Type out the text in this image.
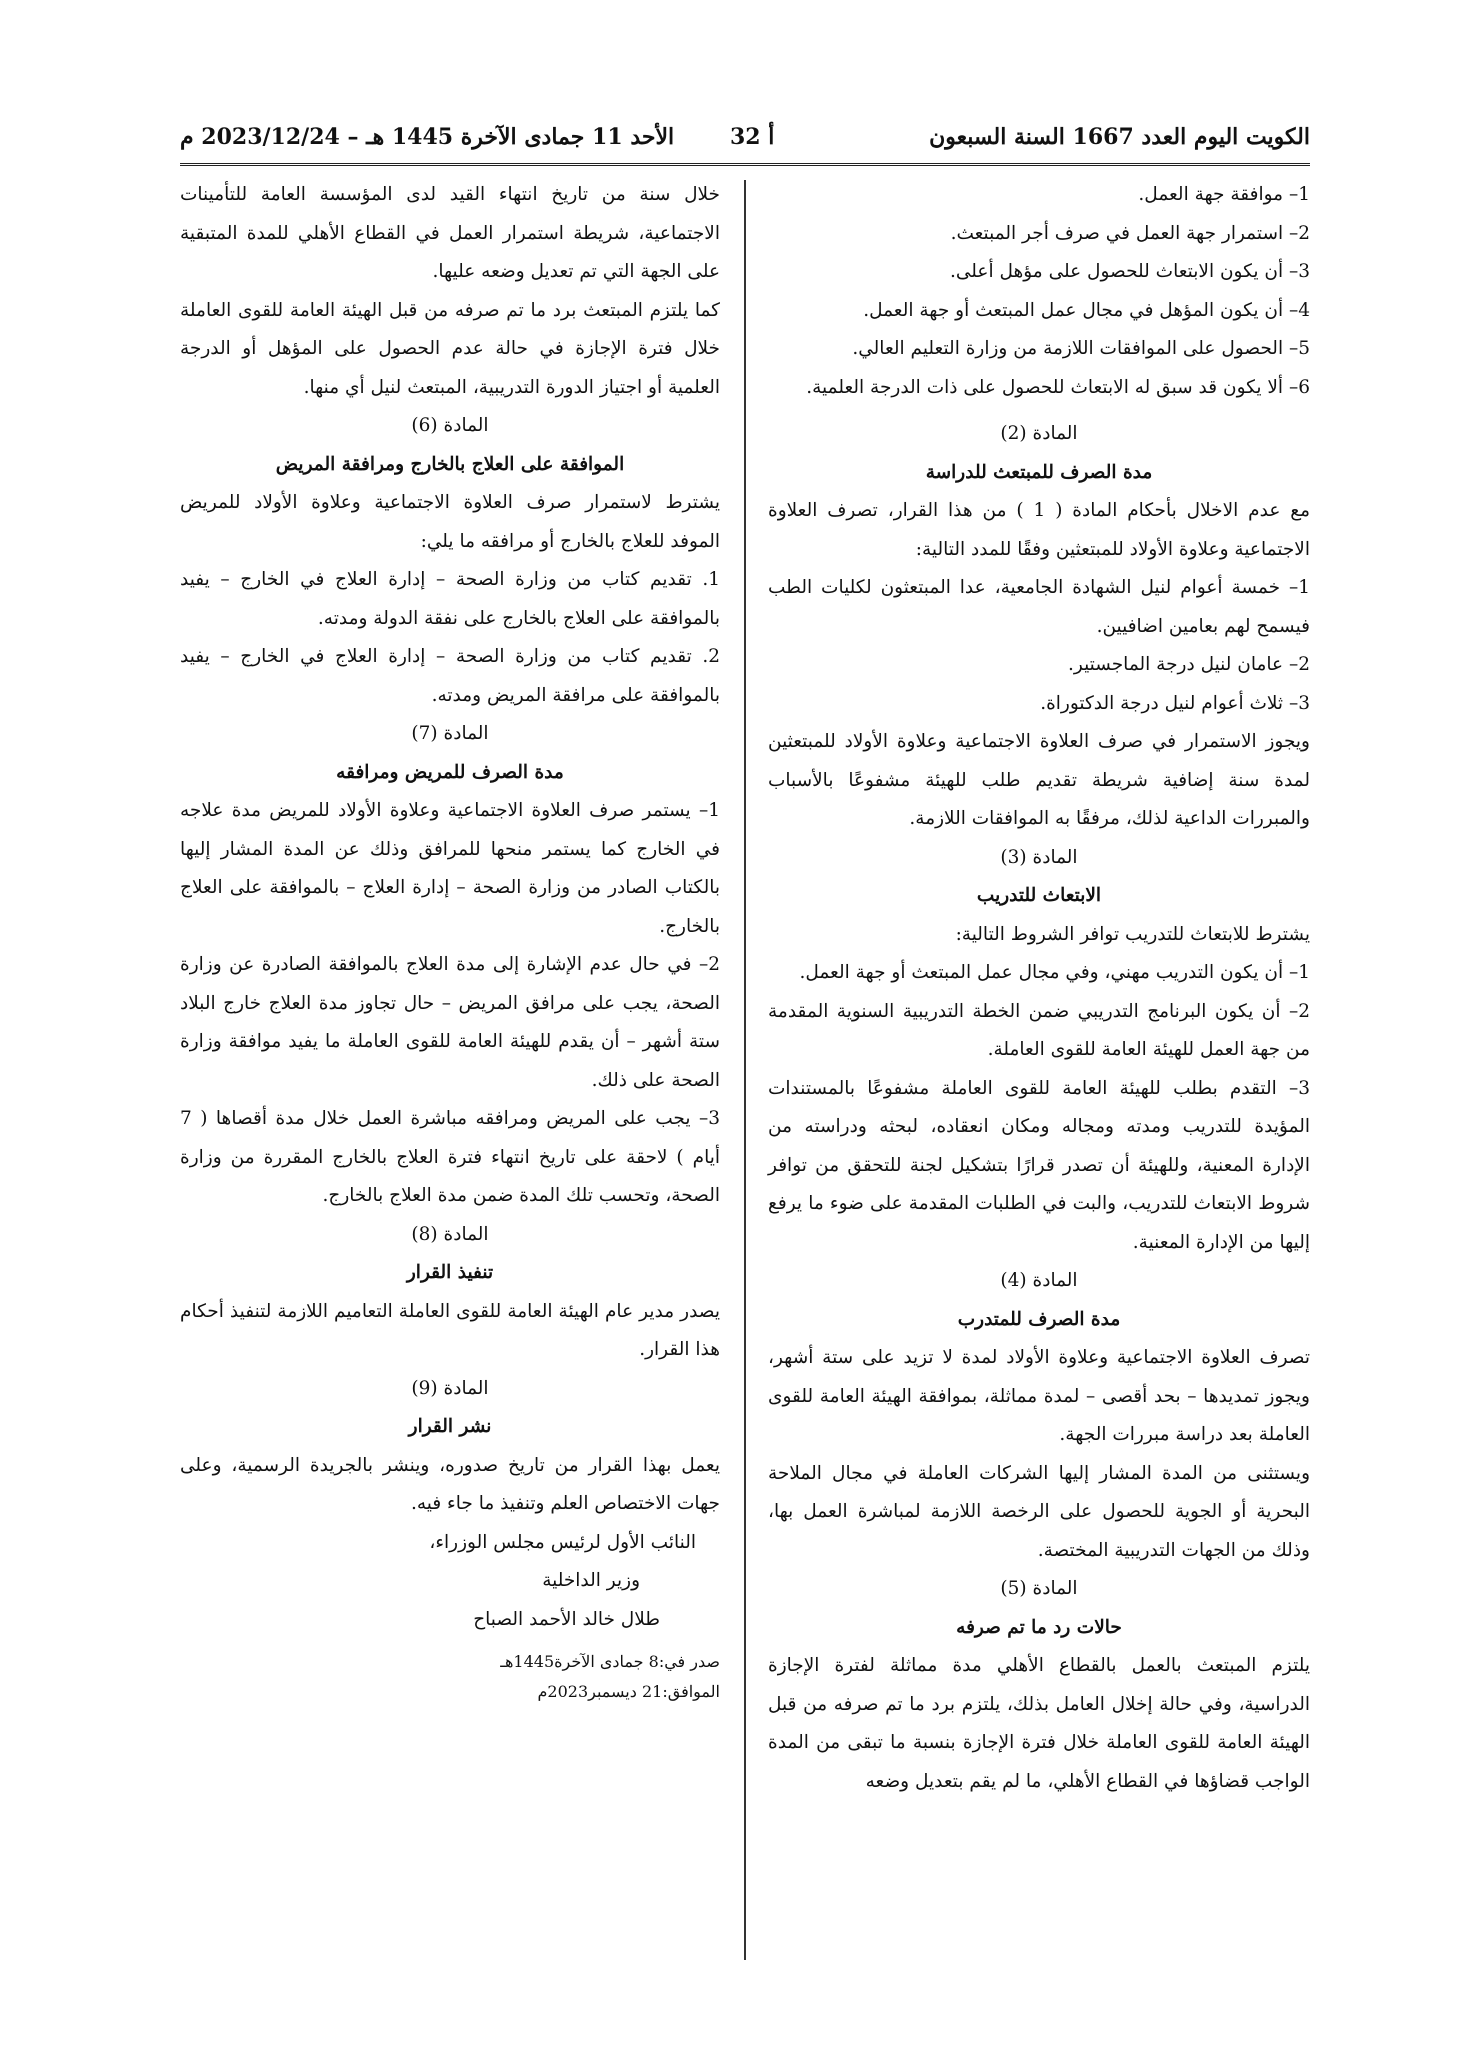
الكويت اليوم العدد 1667 السنة السبعون
أ 32
الأحد 11 جمادى الآخرة 1445 هـ – 2023/12/24 م

1– موافقة جهة العمل.

2– استمرار جهة العمل في صرف أجر المبتعث.

3– أن يكون الابتعاث للحصول على مؤهل أعلى.

4– أن يكون المؤهل في مجال عمل المبتعث أو جهة العمل.

5– الحصول على الموافقات اللازمة من وزارة التعليم العالي.

6– ألا يكون قد سبق له الابتعاث للحصول على ذات الدرجة العلمية.

المادة (2)

مدة الصرف للمبتعث للدراسة

مع عدم الاخلال بأحكام المادة ( 1 ) من هذا القرار، تصرف العلاوة الاجتماعية وعلاوة الأولاد للمبتعثين وفقًا للمدد التالية:

1– خمسة أعوام لنيل الشهادة الجامعية، عدا المبتعثون لكليات الطب فيسمح لهم بعامين اضافيين.

2– عامان لنيل درجة الماجستير.

3– ثلاث أعوام لنيل درجة الدكتوراة.

ويجوز الاستمرار في صرف العلاوة الاجتماعية وعلاوة الأولاد للمبتعثين لمدة سنة إضافية شريطة تقديم طلب للهيئة مشفوعًا بالأسباب والمبررات الداعية لذلك، مرفقًا به الموافقات اللازمة.

المادة (3)

الابتعاث للتدريب

يشترط للابتعاث للتدريب توافر الشروط التالية:

1– أن يكون التدريب مهني، وفي مجال عمل المبتعث أو جهة العمل.

2– أن يكون البرنامج التدريبي ضمن الخطة التدريبية السنوية المقدمة من جهة العمل للهيئة العامة للقوى العاملة.

3– التقدم بطلب للهيئة العامة للقوى العاملة مشفوعًا بالمستندات المؤيدة للتدريب ومدته ومجاله ومكان انعقاده، لبحثه ودراسته من الإدارة المعنية، وللهيئة أن تصدر قرارًا بتشكيل لجنة للتحقق من توافر شروط الابتعاث للتدريب، والبت في الطلبات المقدمة على ضوء ما يرفع إليها من الإدارة المعنية.

المادة (4)

مدة الصرف للمتدرب

تصرف العلاوة الاجتماعية وعلاوة الأولاد لمدة لا تزيد على ستة أشهر، ويجوز تمديدها – بحد أقصى – لمدة مماثلة، بموافقة الهيئة العامة للقوى العاملة بعد دراسة مبررات الجهة.

ويستثنى من المدة المشار إليها الشركات العاملة في مجال الملاحة البحرية أو الجوية للحصول على الرخصة اللازمة لمباشرة العمل بها، وذلك من الجهات التدريبية المختصة.

المادة (5)

حالات رد ما تم صرفه

يلتزم المبتعث بالعمل بالقطاع الأهلي مدة مماثلة لفترة الإجازة الدراسية، وفي حالة إخلال العامل بذلك، يلتزم برد ما تم صرفه من قبل الهيئة العامة للقوى العاملة خلال فترة الإجازة بنسبة ما تبقى من المدة الواجب قضاؤها في القطاع الأهلي، ما لم يقم بتعديل وضعه

خلال سنة من تاريخ انتهاء القيد لدى المؤسسة العامة للتأمينات الاجتماعية، شريطة استمرار العمل في القطاع الأهلي للمدة المتبقية على الجهة التي تم تعديل وضعه عليها.

كما يلتزم المبتعث برد ما تم صرفه من قبل الهيئة العامة للقوى العاملة خلال فترة الإجازة في حالة عدم الحصول على المؤهل أو الدرجة العلمية أو اجتياز الدورة التدريبية، المبتعث لنيل أي منها.

المادة (6)

الموافقة على العلاج بالخارج ومرافقة المريض

يشترط لاستمرار صرف العلاوة الاجتماعية وعلاوة الأولاد للمريض الموفد للعلاج بالخارج أو مرافقه ما يلي:

1. تقديم كتاب من وزارة الصحة – إدارة العلاج في الخارج – يفيد بالموافقة على العلاج بالخارج على نفقة الدولة ومدته.

2. تقديم كتاب من وزارة الصحة – إدارة العلاج في الخارج – يفيد بالموافقة على مرافقة المريض ومدته.

المادة (7)

مدة الصرف للمريض ومرافقه

1– يستمر صرف العلاوة الاجتماعية وعلاوة الأولاد للمريض مدة علاجه في الخارج كما يستمر منحها للمرافق وذلك عن المدة المشار إليها بالكتاب الصادر من وزارة الصحة – إدارة العلاج – بالموافقة على العلاج بالخارج.

2– في حال عدم الإشارة إلى مدة العلاج بالموافقة الصادرة عن وزارة الصحة، يجب على مرافق المريض – حال تجاوز مدة العلاج خارج البلاد ستة أشهر – أن يقدم للهيئة العامة للقوى العاملة ما يفيد موافقة وزارة الصحة على ذلك.

3– يجب على المريض ومرافقه مباشرة العمل خلال مدة أقصاها ( 7 أيام ) لاحقة على تاريخ انتهاء فترة العلاج بالخارج المقررة من وزارة الصحة، وتحسب تلك المدة ضمن مدة العلاج بالخارج.

المادة (8)

تنفيذ القرار

يصدر مدير عام الهيئة العامة للقوى العاملة التعاميم اللازمة لتنفيذ أحكام هذا القرار.

المادة (9)

نشر القرار

يعمل بهذا القرار من تاريخ صدوره، وينشر بالجريدة الرسمية، وعلى جهات الاختصاص العلم وتنفيذ ما جاء فيه.

النائب الأول لرئيس مجلس الوزراء،

وزير الداخلية

طلال خالد الأحمد الصباح

صدر في:8 جمادى الآخرة1445هـ

الموافق:21 ديسمبر2023م
